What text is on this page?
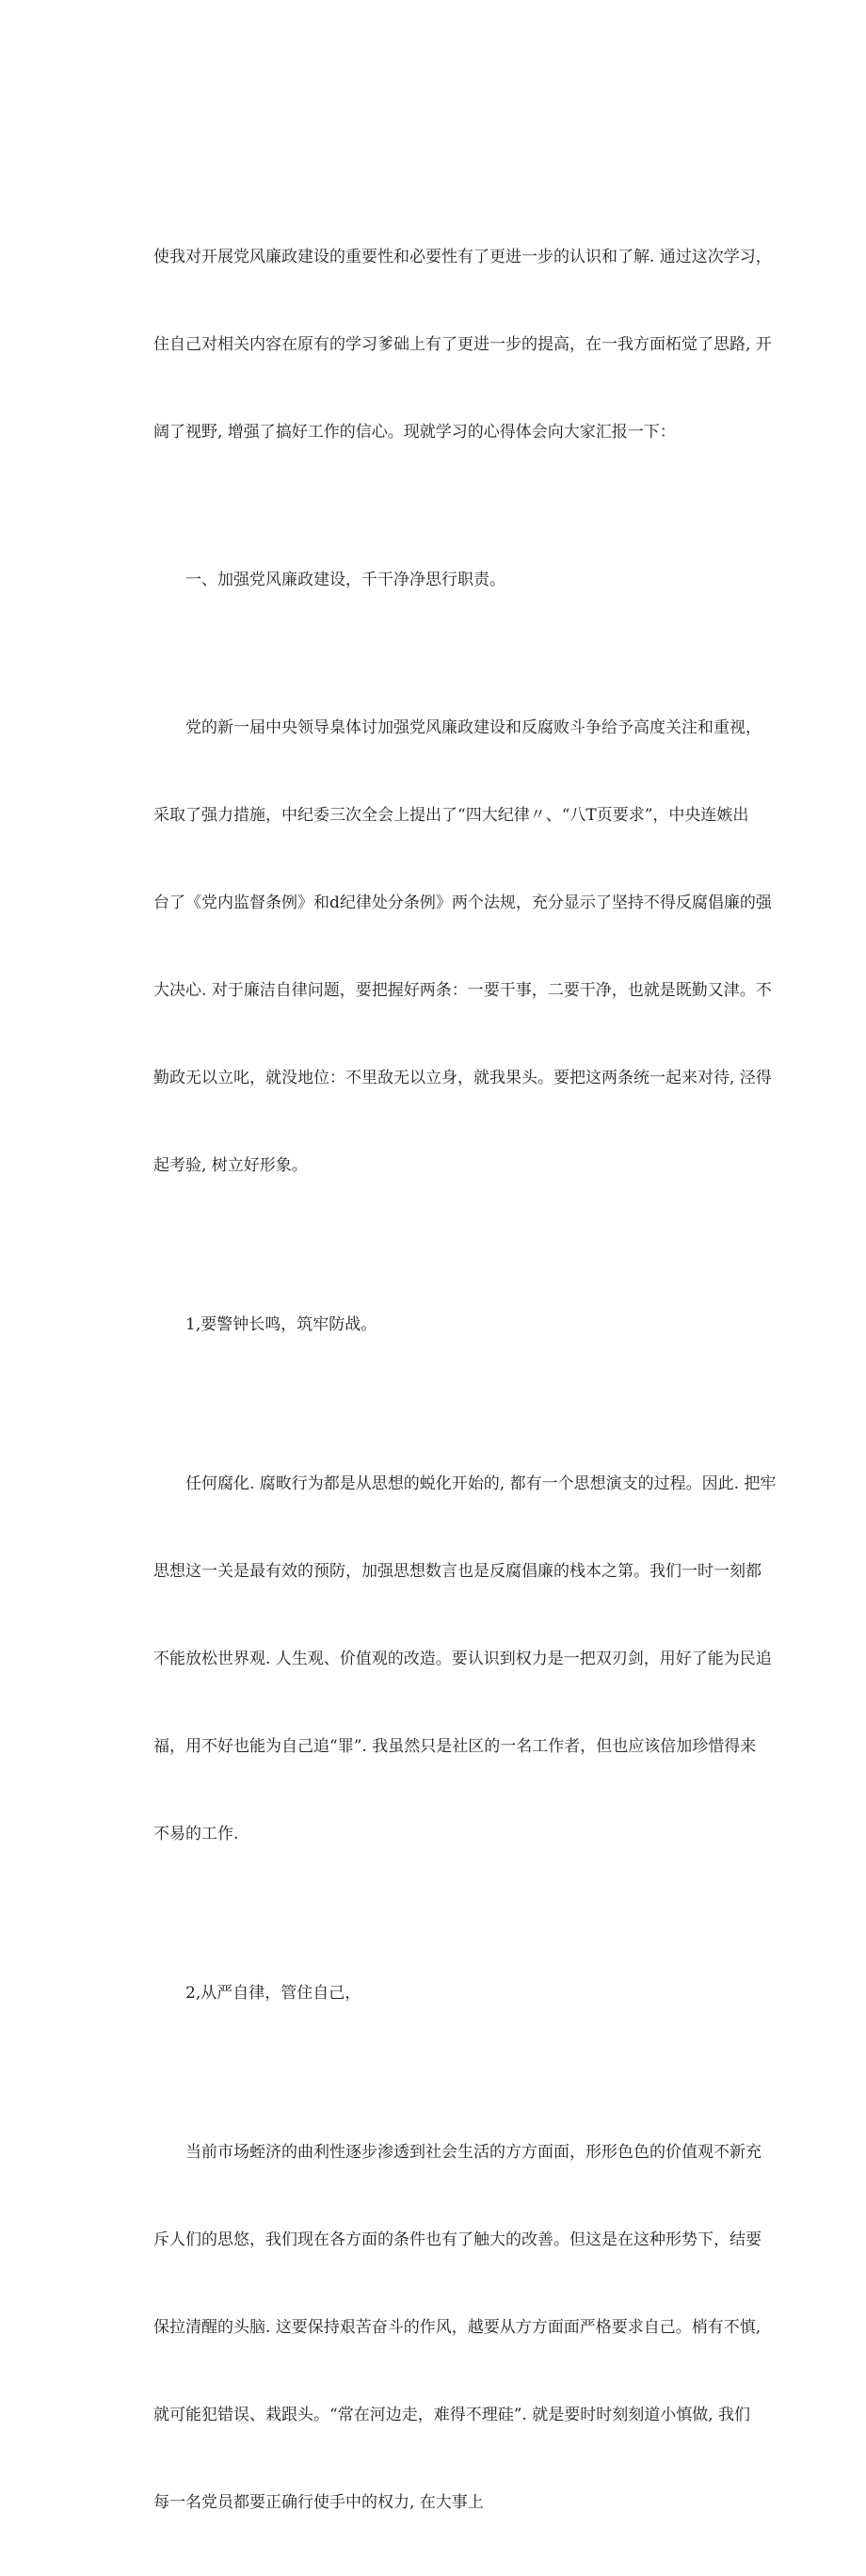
使我对开展党风廉政建设的重要性和必要性有了更进一步的认识和了解. 通过这次学习，

住自己对相关内容在原有的学习爹础上有了更进一步的提高，在一我方面柘觉了思路, 开

阔了视野, 增强了搞好工作的信心。现就学习的心得体会向大家汇报一下：

一、加强党风廉政建设，千干净净思行职责。

党的新一届中央领导臬体讨加强党风廉政建设和反腐败斗争给予高度关注和重视，

采取了强力措施，中纪委三次全会上提出了“四大纪律〃、“八T页要求”，中央连嫉出

台了《党内监督条例》和d纪律处分条例》两个法规，充分显示了坚持不得反腐倡廉的强

大决心. 对于廉洁自律问题，要把握好两条：一要干事，二要干净，也就是既勤又津。不

勤政无以立叱，就没地位：不里敌无以立身，就我果头。要把这两条统一起来对待, 泾得

起考验, 树立好形象。

1,要警钟长鸣，筑牢防战。

任何腐化. 腐畋行为都是从思想的蜕化开始的, 都有一个思想演支的过程。因此. 把牢

思想这一关是最有效的预防，加强思想数言也是反腐倡廉的栈本之第。我们一时一刻都

不能放松世界观. 人生观、价值观的改造。要认识到权力是一把双刃剑，用好了能为民追

福，用不好也能为自己追“罪”. 我虽然只是社区的一名工作者，但也应该倍加珍惜得来

不易的工作.

2,从严自律，管住自己，

当前市场蛭济的曲利性逐步渗透到社会生活的方方面面，形形色色的价值观不新充

斥人们的思悠，我们现在各方面的条件也有了触大的改善。但这是在这种形势下，结要

保拉清醒的头脑. 这要保持艰苦奋斗的作风，越要从方方面面严格要求自己。梢有不慎,

就可能犯错误、栽跟头。“常在河边走，难得不理硅”. 就是要时时刻刻道小慎做, 我们

每一名党员都要正确行使手中的权力, 在大事上
